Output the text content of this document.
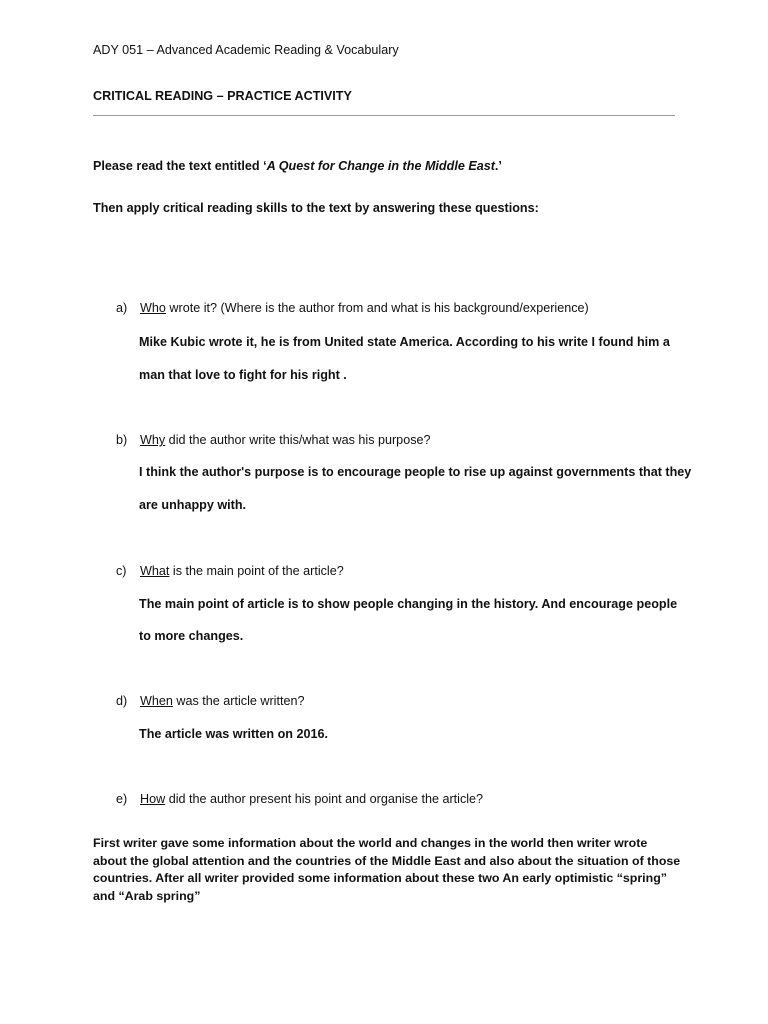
ADY 051 – Advanced Academic Reading & Vocabulary
CRITICAL READING – PRACTICE ACTIVITY
Please read the text entitled ‘A Quest for Change in the Middle East.’
Then apply critical reading skills to the text by answering these questions:
a)	Who wrote it? (Where is the author from and what is his background/experience)
Mike Kubic wrote it, he is from United state America. According to his write I found him a
man that love to fight for his right .
b)	Why did the author write this/what was his purpose?
I think the author's purpose is to encourage people to rise up against governments that they
are unhappy with.
c)	What is the main point of the article?
The main point of article is to show people changing in the history. And encourage people
to more changes.
d)	When was the article written?
The article was written on 2016.
e)	How did the author present his point and organise the article?

First writer gave some information about the world and changes in the world then writer wrote

about the global attention and the countries of the Middle East and also about the situation of those

countries. After all writer provided some information about these two An early optimistic “spring”

and “Arab spring”
